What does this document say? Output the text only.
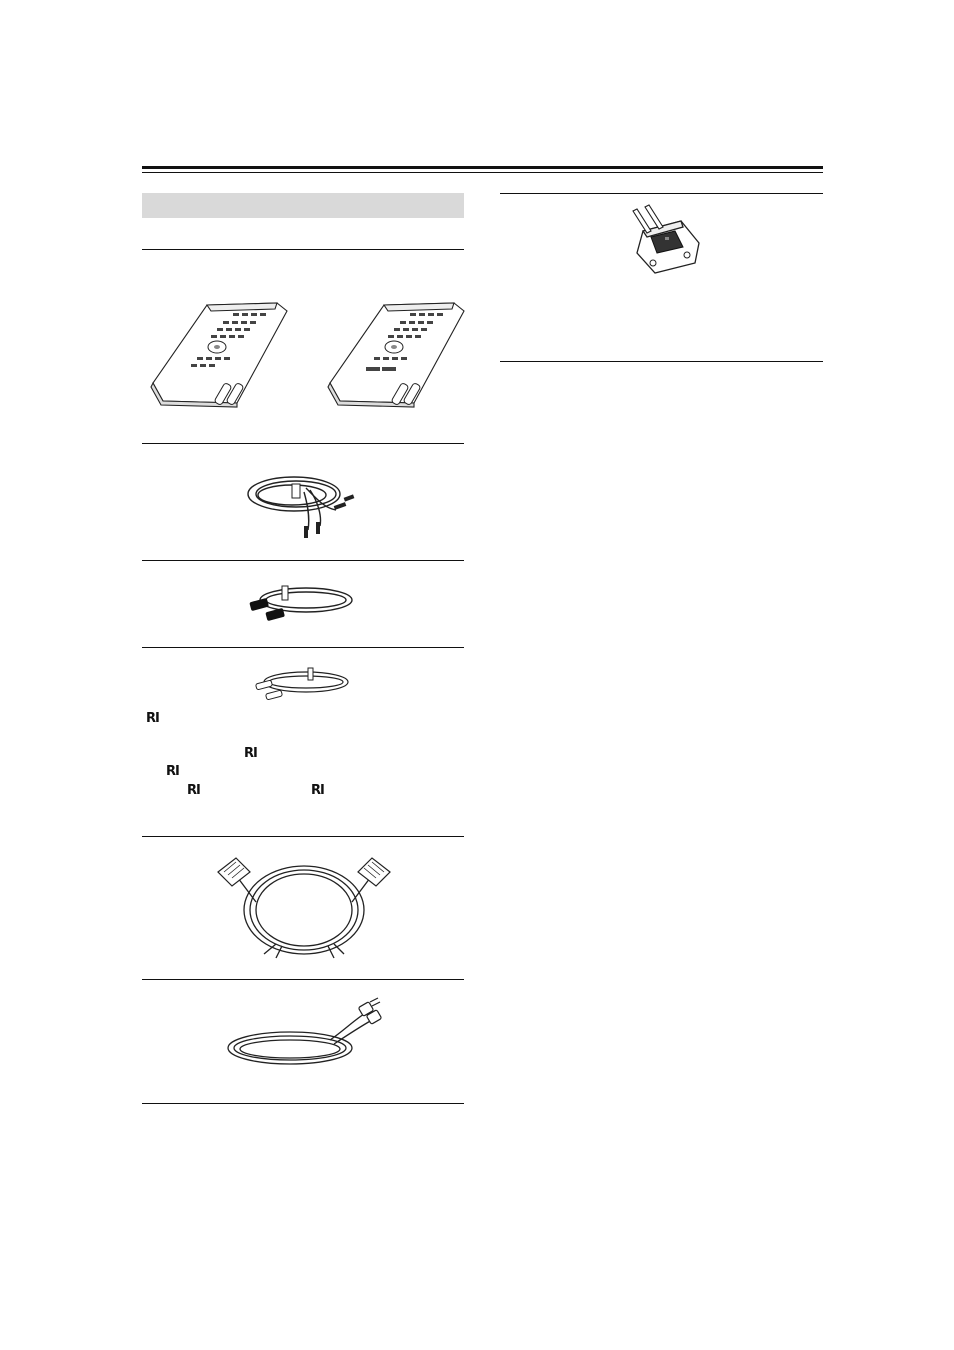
RI
RI
RI
RI	RI
